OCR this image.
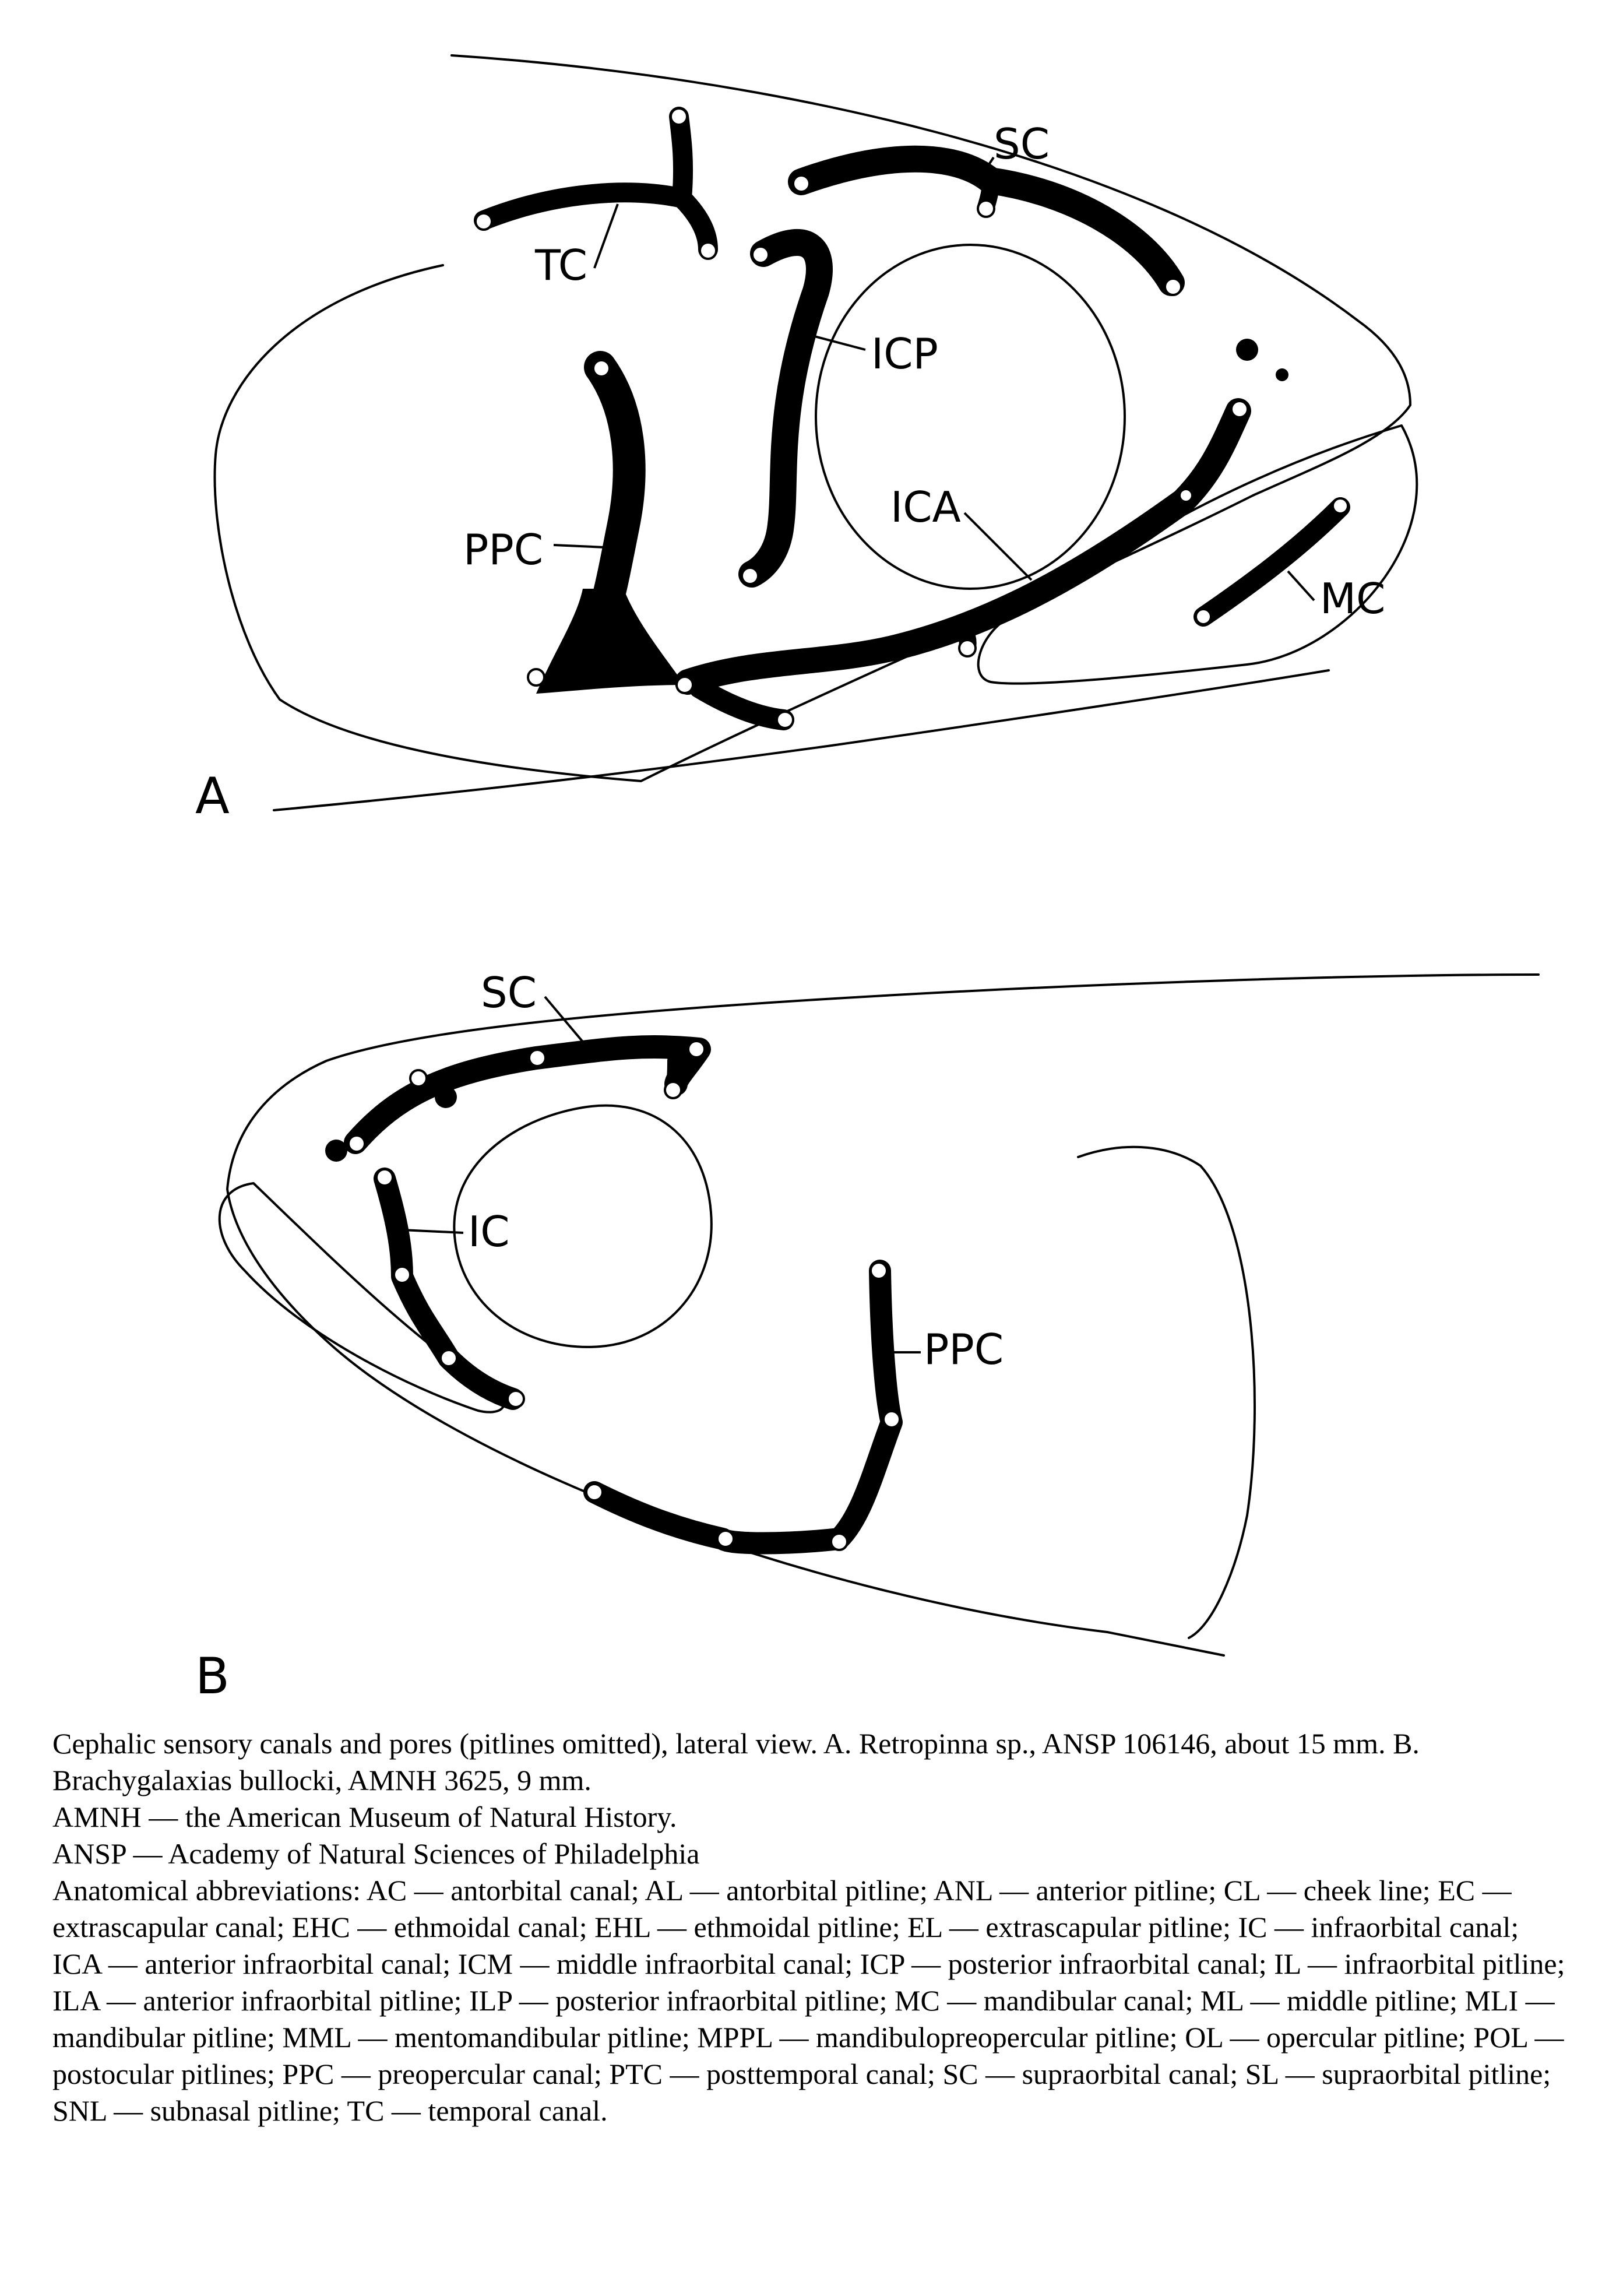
SC
TC
ICP
PPC
ICA
MC
A
SC
IC
PPC
B

Cephalic sensory canals and pores (pitlines omitted), lateral view. A. Retropinna sp., ANSP 106146, about 15 mm. B. Brachygalaxias bullocki, AMNH 3625, 9 mm.

AMNH — the American Museum of Natural History.

ANSP — Academy of Natural Sciences of Philadelphia

Anatomical abbreviations: AC — antorbital canal; AL — antorbital pitline; ANL — anterior pitline; CL — cheek line; EC — extrascapular canal; EHC — ethmoidal canal; EHL — ethmoidal pitline; EL — extrascapular pitline; IC — infraorbital canal; ICA — anterior infraorbital canal; ICM — middle infraorbital canal; ICP — posterior infraorbital canal; IL — infraorbital pitline; ILA — anterior infraorbital pitline; ILP — posterior infraorbital pitline; MC — mandibular canal; ML — middle pitline; MLI — mandibular pitline; MML — mentomandibular pitline; MPPL — mandibulopreopercular pitline; OL — opercular pitline; POL — postocular pitlines; PPC — preopercular canal; PTC — posttemporal canal; SC — supraorbital canal; SL — supraorbital pitline; SNL — subnasal pitline; TC — temporal canal.
